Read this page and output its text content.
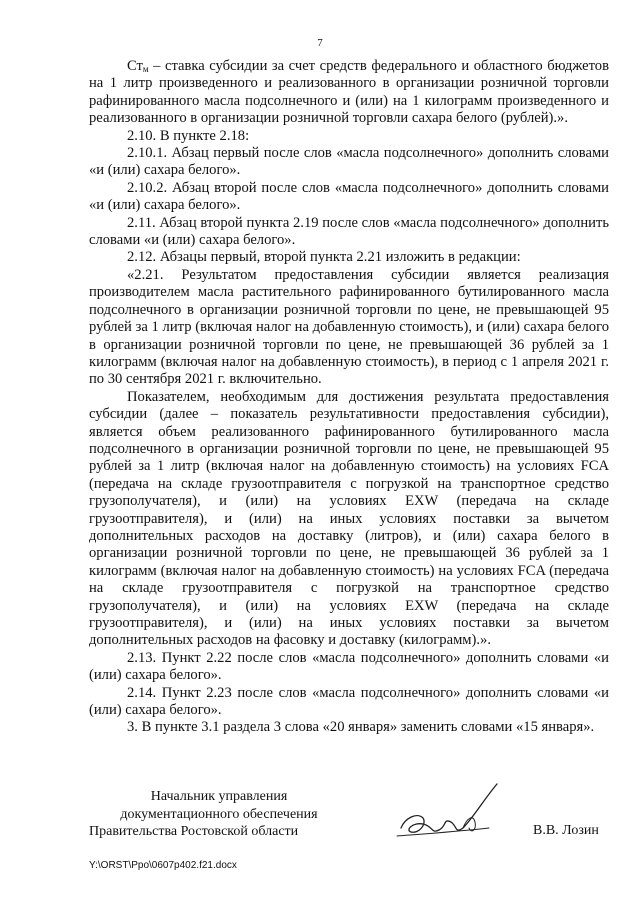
7

$Ст_м$ – ставка субсидии за счет средств федерального и областного бюджетов на 1 литр произведенного и реализованного в организации розничной торговли рафинированного масла подсолнечного и (или) на 1 килограмм произведенного и реализованного в организации розничной торговли сахара белого (рублей).».

2.10. В пункте 2.18:

2.10.1. Абзац первый после слов «масла подсолнечного» дополнить словами «и (или) сахара белого».

2.10.2. Абзац второй после слов «масла подсолнечного» дополнить словами «и (или) сахара белого».

2.11. Абзац второй пункта 2.19 после слов «масла подсолнечного» дополнить словами «и (или) сахара белого».

2.12. Абзацы первый, второй пункта 2.21 изложить в редакции:

«2.21. Результатом предоставления субсидии является реализация производителем масла растительного рафинированного бутилированного масла подсолнечного в организации розничной торговли по цене, не превышающей 95 рублей за 1 литр (включая налог на добавленную стоимость), и (или) сахара белого в организации розничной торговли по цене, не превышающей 36 рублей за 1 килограмм (включая налог на добавленную стоимость), в период с 1 апреля 2021 г. по 30 сентября 2021 г. включительно.

Показателем, необходимым для достижения результата предоставления субсидии (далее – показатель результативности предоставления субсидии), является объем реализованного рафинированного бутилированного масла подсолнечного в организации розничной торговли по цене, не превышающей 95 рублей за 1 литр (включая налог на добавленную стоимость) на условиях FCA (передача на складе грузоотправителя с погрузкой на транспортное средство грузополучателя), и (или) на условиях EXW (передача на складе грузоотправителя), и (или) на иных условиях поставки за вычетом дополнительных расходов на доставку (литров), и (или) сахара белого в организации розничной торговли по цене, не превышающей 36 рублей за 1 килограмм (включая налог на добавленную стоимость) на условиях FCA (передача на складе грузоотправителя с погрузкой на транспортное средство грузополучателя), и (или) на условиях EXW (передача на складе грузоотправителя), и (или) на иных условиях поставки за вычетом дополнительных расходов на фасовку и доставку (килограмм).».

2.13. Пункт 2.22 после слов «масла подсолнечного» дополнить словами «и (или) сахара белого».

2.14. Пункт 2.23 после слов «масла подсолнечного» дополнить словами «и (или) сахара белого».

3. В пункте 3.1 раздела 3 слова «20 января» заменить словами «15 января».

Начальник управления
документационного обеспечения
Правительства Ростовской области	В.В. Лозин
Y:\ORST\Ppo\0607p402.f21.docx
